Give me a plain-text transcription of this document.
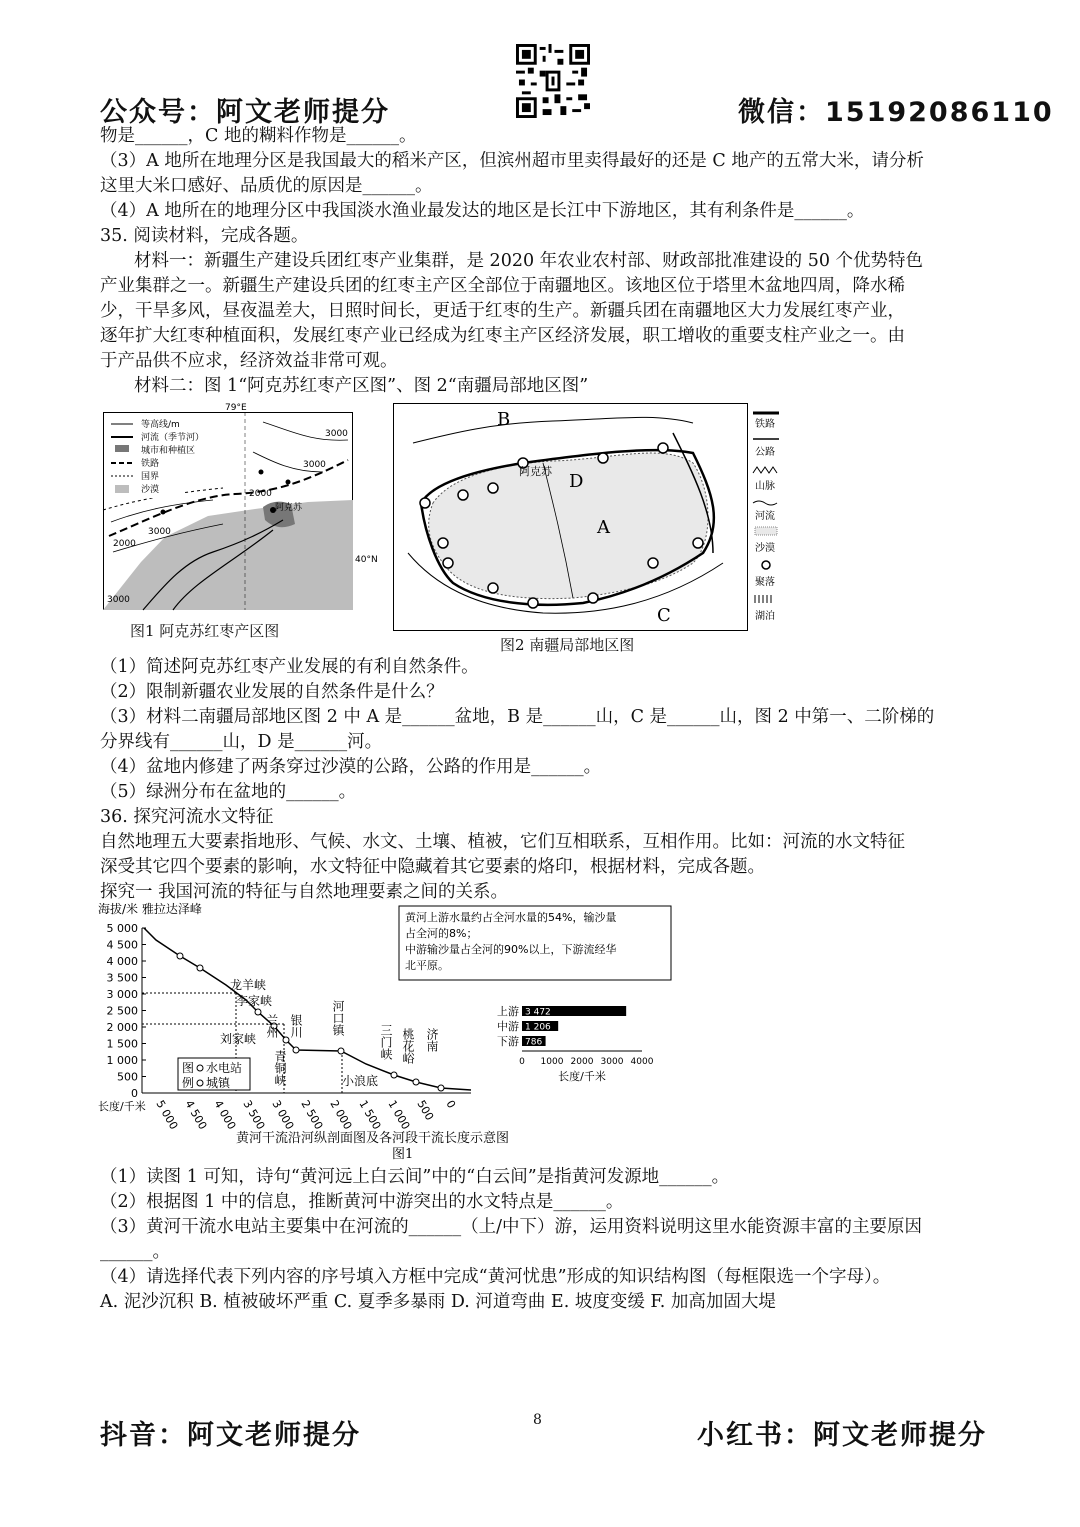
公众号：阿文老师提分	微信：15192086110

物是______，C 地的糊料作物是______。

（3）A 地所在地理分区是我国最大的稻米产区，但滨州超市里卖得最好的还是 C 地产的五常大米，请分析

这里大米口感好、品质优的原因是______。

（4）A 地所在的地理分区中我国淡水渔业最发达的地区是长江中下游地区，其有利条件是______。

35. 阅读材料，完成各题。

材料一：新疆生产建设兵团红枣产业集群，是 2020 年农业农村部、财政部批准建设的 50 个优势特色

产业集群之一。新疆生产建设兵团的红枣主产区全部位于南疆地区。该地区位于塔里木盆地四周，降水稀

少，干旱多风，昼夜温差大，日照时间长，更适于红枣的生产。新疆兵团在南疆地区大力发展红枣产业，

逐年扩大红枣种植面积，发展红枣产业已经成为红枣主产区经济发展，职工增收的重要支柱产业之一。由

于产品供不应求，经济效益非常可观。

材料二：图 1“阿克苏红枣产区图”、图 2“南疆局部地区图”

等高线/m
河流（季节河）
城市和种植区
铁路
国界
沙漠
79°E
3000
3000
2000
3000
2000
3000
阿克苏
40°N
图1 阿克苏红枣产区图
B
D
A
C
阿克苏
铁路
公路
山脉
河流
沙漠
聚落
湖泊
图2 南疆局部地区图

（1）简述阿克苏红枣产业发展的有利自然条件。

（2）限制新疆农业发展的自然条件是什么？

（3）材料二南疆局部地区图 2 中 A 是______盆地，B 是______山，C 是______山，图 2 中第一、二阶梯的

分界线有______山，D 是______河。

（4）盆地内修建了两条穿过沙漠的公路，公路的作用是______。

（5）绿洲分布在盆地的______。

36. 探究河流水文特征

自然地理五大要素指地形、气候、水文、土壤、植被，它们互相联系，互相作用。比如：河流的水文特征

深受其它四个要素的影响，水文特征中隐藏着其它要素的烙印，根据材料，完成各题。

探究一 我国河流的特征与自然地理要素之间的关系。

海拔/米 雅拉达泽峰
5 000
4 500
4 000
3 500
3 000
2 500
2 000
1 500
1 000
500
0
5 000 4 500 4 000 3 500 3 000 2 500 2 000 1 500 1 000 500 0
长度/千米
龙羊峡
李家峡
刘家峡
小浪底
兰州
青铜峡
银川 河口镇
三门峡 桃花峪 济南
图
例
水电站
城镇
黄河上游水量约占全河水量的54%，输沙量
占全河的8%；
中游输沙量占全河的90%以上，下游流经华
北平原。
上游 3 472
中游 1 206
下游 786
0 1000 2000 3000 4000
长度/千米
黄河干流沿河纵剖面图及各河段干流长度示意图
图1

（1）读图 1 可知，诗句“黄河远上白云间”中的“白云间”是指黄河发源地______。

（2）根据图 1 中的信息，推断黄河中游突出的水文特点是______。

（3）黄河干流水电站主要集中在河流的______（上/中下）游，运用资料说明这里水能资源丰富的主要原因

______。

（4）请选择代表下列内容的序号填入方框中完成“黄河忧患”形成的知识结构图（每框限选一个字母）。

A. 泥沙沉积 B. 植被破坏严重 C. 夏季多暴雨 D. 河道弯曲 E. 坡度变缓 F. 加高加固大堤

抖音：阿文老师提分	8	小红书：阿文老师提分
